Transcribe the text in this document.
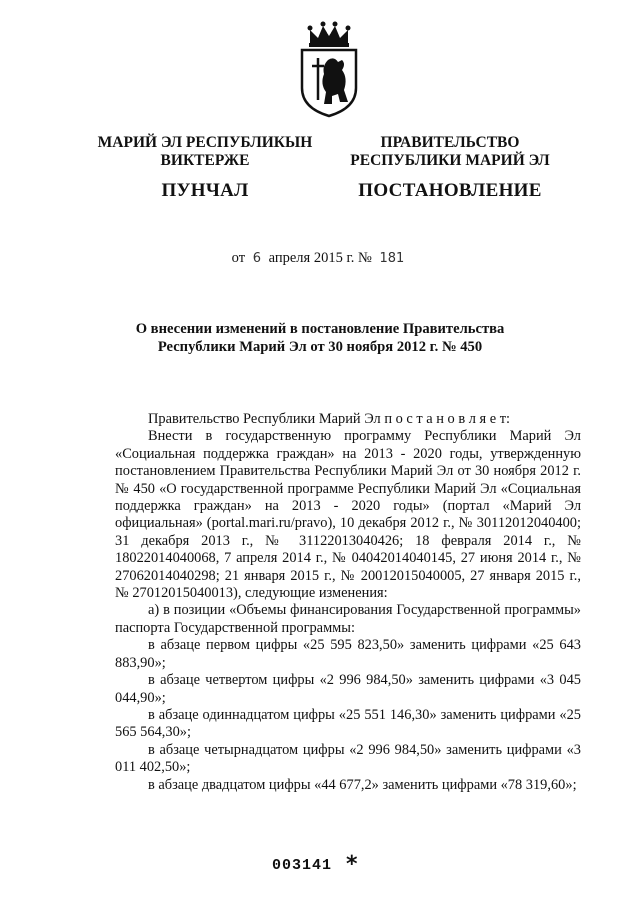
МАРИЙ ЭЛ РЕСПУБЛИКЫН
ВИКТЕРЖЕ
ПУНЧАЛ
ПРАВИТЕЛЬСТВО
РЕСПУБЛИКИ МАРИЙ ЭЛ
ПОСТАНОВЛЕНИЕ
от 6 апреля 2015 г. № 181
О внесении изменений в постановление Правительства
Республики Марий Эл от 30 ноября 2012 г. № 450

Правительство Республики Марий Эл п о с т а н о в л я е т:

Внести в государственную программу Республики Марий Эл «Социальная поддержка граждан» на 2013 - 2020 годы, утвержденную постановлением Правительства Республики Марий Эл от 30 ноября 2012 г. № 450 «О государственной программе Республики Марий Эл «Социальная поддержка граждан» на 2013 - 2020 годы» (портал «Марий Эл официальная» (portal.mari.ru/pravo), 10 декабря 2012 г., № 30112012040400; 31 декабря 2013 г., № 31122013040426; 18 февраля 2014 г., № 18022014040068, 7 апреля 2014 г., № 04042014040145, 27 июня 2014 г., № 27062014040298; 21 января 2015 г., № 20012015040005, 27 января 2015 г., № 27012015040013), следующие изменения:

а) в позиции «Объемы финансирования Государственной программы» паспорта Государственной программы:

в абзаце первом цифры «25 595 823,50» заменить цифрами «25 643 883,90»;

в абзаце четвертом цифры «2 996 984,50» заменить цифрами «3 045 044,90»;

в абзаце одиннадцатом цифры «25 551 146,30» заменить цифрами «25 565 564,30»;

в абзаце четырнадцатом цифры «2 996 984,50» заменить цифрами «3 011 402,50»;

в абзаце двадцатом цифры «44 677,2» заменить цифрами «78 319,60»;

003141 *
